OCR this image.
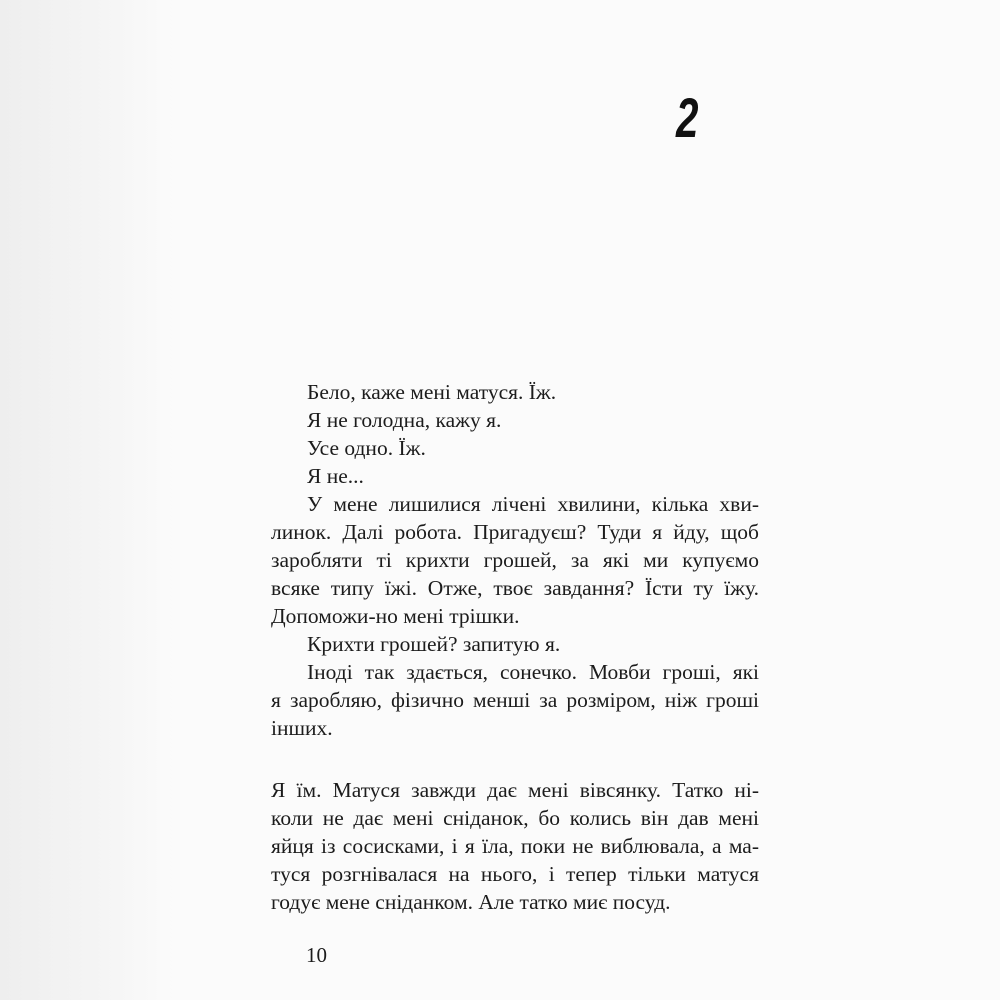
2

Бело, каже мені матуся. Їж.

Я не голодна, кажу я.

Усе одно. Їж.

Я не...

У мене лишилися лічені хвилини, кілька хви-

линок. Далі робота. Пригадуєш? Туди я йду, щоб

заробляти ті крихти грошей, за які ми купуємо

всяке типу їжі. Отже, твоє завдання? Їсти ту їжу.

Допоможи-но мені трішки.

Крихти грошей? запитую я.

Іноді так здається, сонечко. Мовби гроші, які

я заробляю, фізично менші за розміром, ніж гроші

інших.

Я їм. Матуся завжди дає мені вівсянку. Татко ні-

коли не дає мені сніданок, бо колись він дав мені

яйця із сосисками, і я їла, поки не виблювала, а ма-

туся розгнівалася на нього, і тепер тільки матуся

годує мене сніданком. Але татко миє посуд.

10
